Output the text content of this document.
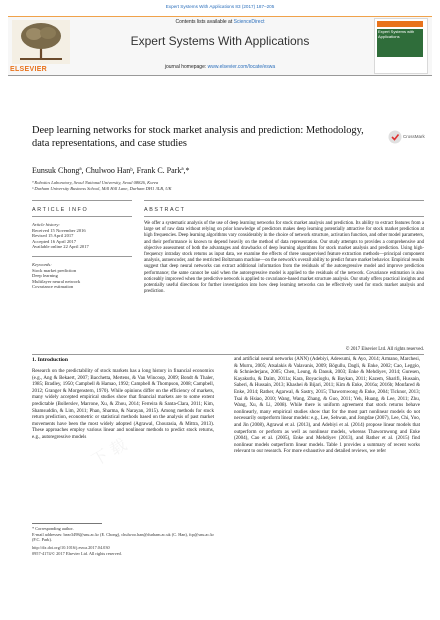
Expert Systems With Applications 83 (2017) 187–205
ELSEVIER
Contents lists available at ScienceDirect
Expert Systems With Applications
journal homepage: www.elsevier.com/locate/eswa
Expert Systems with Applications
Deep learning networks for stock market analysis and prediction: Methodology, data representations, and case studies
CrossMark
Eunsuk Chongª, Chulwoo Hanᵇ, Frank C. Parkª,*
ª Robotics Laboratory, Seoul National University, Seoul 08826, Korea
ᵇ Durham University Business School, Mill Hill Lane, Durham DH1 3LB, UK
ARTICLE INFO	ABSTRACT
Article history:
Received 15 November 2016
Revised 15 April 2017
Accepted 16 April 2017
Available online 22 April 2017
Keywords:
Stock market prediction
Deep learning
Multilayer neural network
Covariance estimation
We offer a systematic analysis of the use of deep learning networks for stock market analysis and prediction. Its ability to extract features from a large set of raw data without relying on prior knowledge of predictors makes deep learning potentially attractive for stock market prediction at high frequencies. Deep learning algorithms vary considerably in the choice of network structure, activation function, and other model parameters, and their performance is known to depend heavily on the method of data representation. Our study attempts to provides a comprehensive and objective assessment of both the advantages and drawbacks of deep learning algorithms for stock market analysis and prediction. Using high-frequency intraday stock returns as input data, we examine the effects of three unsupervised feature extraction methods—principal component analysis, autoencoder, and the restricted Boltzmann machine—on the network's overall ability to predict future market behavior. Empirical results suggest that deep neural networks can extract additional information from the residuals of the autoregressive model and improve prediction performance; the same cannot be said when the autoregressive model is applied to the residuals of the network. Covariance estimation is also noticeably improved when the predictive network is applied to covariance-based market structure analysis. Our study offers practical insights and potentially useful directions for further investigation into how deep learning networks can be effectively used for stock market analysis and prediction.
© 2017 Elsevier Ltd. All rights reserved.
1. Introduction
Research on the predictability of stock markets has a long history in financial economics (e.g., Ang & Bekaert, 2007; Bacchetta, Mertens, & Van Wincoop, 2009; Bondt & Thaler, 1985; Bradley, 1950; Campbell & Hamao, 1992; Campbell & Thompson, 2008; Campbell, 2012; Granger & Morgenstern, 1970). While opinions differ on the efficiency of markets, many widely accepted empirical studies show that financial markets are to some extent predictable (Bollerslev, Marrone, Xu, & Zhou, 2014; Ferreira & Santa-Clara, 2011; Kim, Shamsuddin, & Lim, 2011; Phan, Sharma, & Narayan, 2015). Among methods for stock return prediction, econometric or statistical methods based on the analysis of past market movements have been the most widely adopted (Agrawal, Chourasia, & Mittra, 2013). These approaches employ various linear and nonlinear methods to predict stock returns, e.g., autoregressive models
and artificial neural networks (ANN) (Adebiyi, Adewumi, & Ayo, 2014; Armano, Marchesi, & Murru, 2005; Atsalakis & Valavanis, 2009; Bögullu, Dagli, & Enke, 2002; Cao, Leggio, & Schniederjans, 2005; Chen, Leung, & Daouk, 2003; Enke & Mehdiyev, 2014; Guresen, Kayakutlu, & Daim, 2011a; Kara, Boyacioglu, & Baykan, 2011; Kazem, Sharifi, Hussain, Saberi, & Hussain, 2013; Khashei & Bijari, 2011; Kim & Enke, 2016a; 2016b; Monfared & Enke, 2014; Rather, Agarwal, & Sastry, 2015; Thawornwong & Enke, 2004; Ticknor, 2013; Tsai & Hsiao, 2010; Wang, Wang, Zhang, & Guo, 2011; Yeh, Huang, & Lee, 2011; Zhu, Wang, Xu, & Li, 2008). While there is uniform agreement that stock returns behave nonlinearly, many empirical studies show that for the most part nonlinear models do not necessarily outperform linear models: e.g., Lee, Sehwan, and Jongdae (2007), Lee, Chi, Yoo, and Jin (2008), Agrawal et al. (2013), and Adebiyi et al. (2014) propose linear models that outperform or perform as well as nonlinear models, whereas Thawornwong and Enke (2004), Cao et al. (2005), Enke and Mehdiyev (2013), and Rather et al. (2015) find nonlinear models outperform linear models. Table 1 provides a summary of recent works relevant to our research. For more exhaustive and detailed reviews, we refer
* Corresponding author.
E-mail addresses: bear3498@snu.ac.kr (E. Chong), chulwoo.han@durham.ac.uk (C. Han), fcp@snu.ac.kr (F.C. Park).
http://dx.doi.org/10.1016/j.eswa.2017.04.030
0957-4174/© 2017 Elsevier Ltd. All rights reserved.
下 载
下 载
